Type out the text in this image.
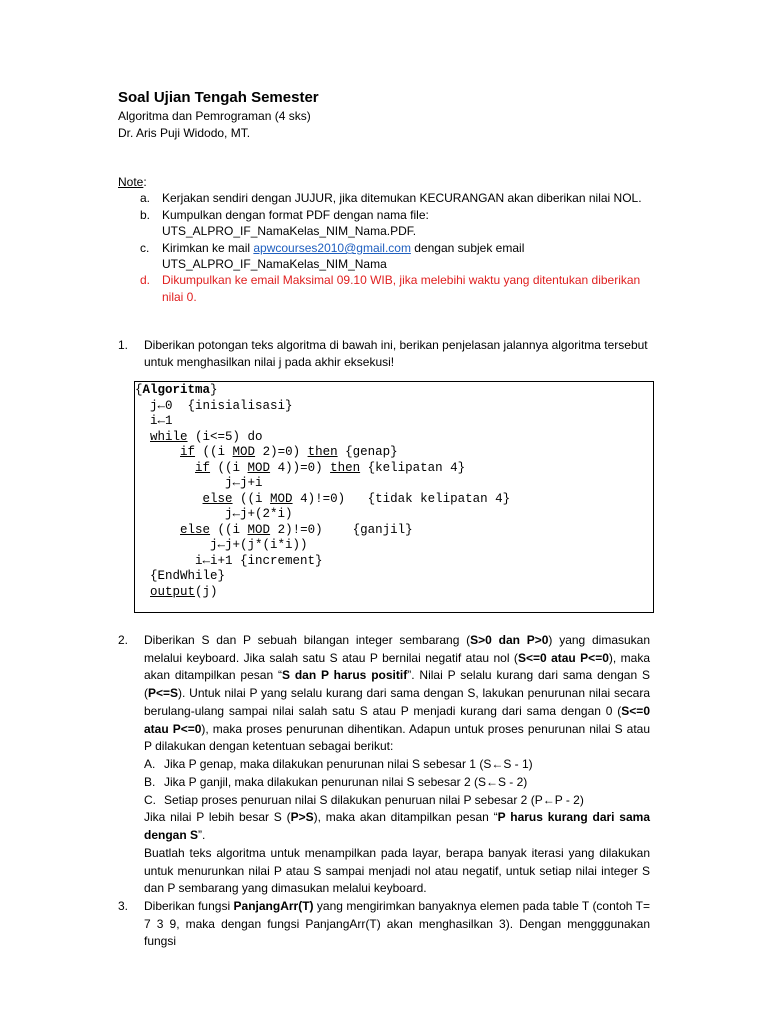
Soal Ujian Tengah Semester
Algoritma dan Pemrograman (4 sks)
Dr. Aris Puji Widodo, MT.
Note:
a. Kerjakan sendiri dengan JUJUR, jika ditemukan KECURANGAN akan diberikan nilai NOL.
b. Kumpulkan dengan format PDF dengan nama file:
UTS_ALPRO_IF_NamaKelas_NIM_Nama.PDF.
c. Kirimkan ke mail apwcourses2010@gmail.com dengan subjek email
UTS_ALPRO_IF_NamaKelas_NIM_Nama
d. Dikumpulkan ke email Maksimal 09.10 WIB, jika melebihi waktu yang ditentukan diberikan
nilai 0.
1. Diberikan potongan teks algoritma di bawah ini, berikan penjelasan jalannya algoritma tersebut
untuk menghasilkan nilai j pada akhir eksekusi!
{Algoritma}
j←0  {inisialisasi}
i←1
while (i<=5) do
if ((i MOD 2)=0) then {genap}
if ((i MOD 4))=0) then {kelipatan 4}
j←j+i
else ((i MOD 4)!=0)   {tidak kelipatan 4}
j←j+(2*i)
else ((i MOD 2)!=0)    {ganjil}
j←j+(j*(i*i))
i←i+1 {increment}
{EndWhile}
output(j)
2. Diberikan S dan P sebuah bilangan integer sembarang (S>0 dan P>0) yang dimasukan melalui keyboard. Jika salah satu S atau P bernilai negatif atau nol (S<=0 atau P<=0), maka akan ditampilkan pesan “S dan P harus positif”. Nilai P selalu kurang dari sama dengan S (P<=S). Untuk nilai P yang selalu kurang dari sama dengan S, lakukan penurunan nilai secara berulang-ulang sampai nilai salah satu S atau P menjadi kurang dari sama dengan 0 (S<=0 atau P<=0), maka proses penurunan dihentikan. Adapun untuk proses penurunan nilai S atau P dilakukan dengan ketentuan sebagai berikut:
A. Jika P genap, maka dilakukan penurunan nilai S sebesar 1 (S←S - 1)
B. Jika P ganjil, maka dilakukan penurunan nilai S sebesar 2 (S←S - 2)
C. Setiap proses penuruan nilai S dilakukan penuruan nilai P sebesar 2 (P←P - 2)
Jika nilai P lebih besar S (P>S), maka akan ditampilkan pesan “P harus kurang dari sama dengan S”.
Buatlah teks algoritma untuk menampilkan pada layar, berapa banyak iterasi yang dilakukan untuk menurunkan nilai P atau S sampai menjadi nol atau negatif, untuk setiap nilai integer S dan P sembarang yang dimasukan melalui keyboard.
3. Diberikan fungsi PanjangArr(T) yang mengirimkan banyaknya elemen pada table T (contoh T= 7 3 9, maka dengan fungsi PanjangArr(T) akan menghasilkan 3). Dengan mengggunakan fungsi
